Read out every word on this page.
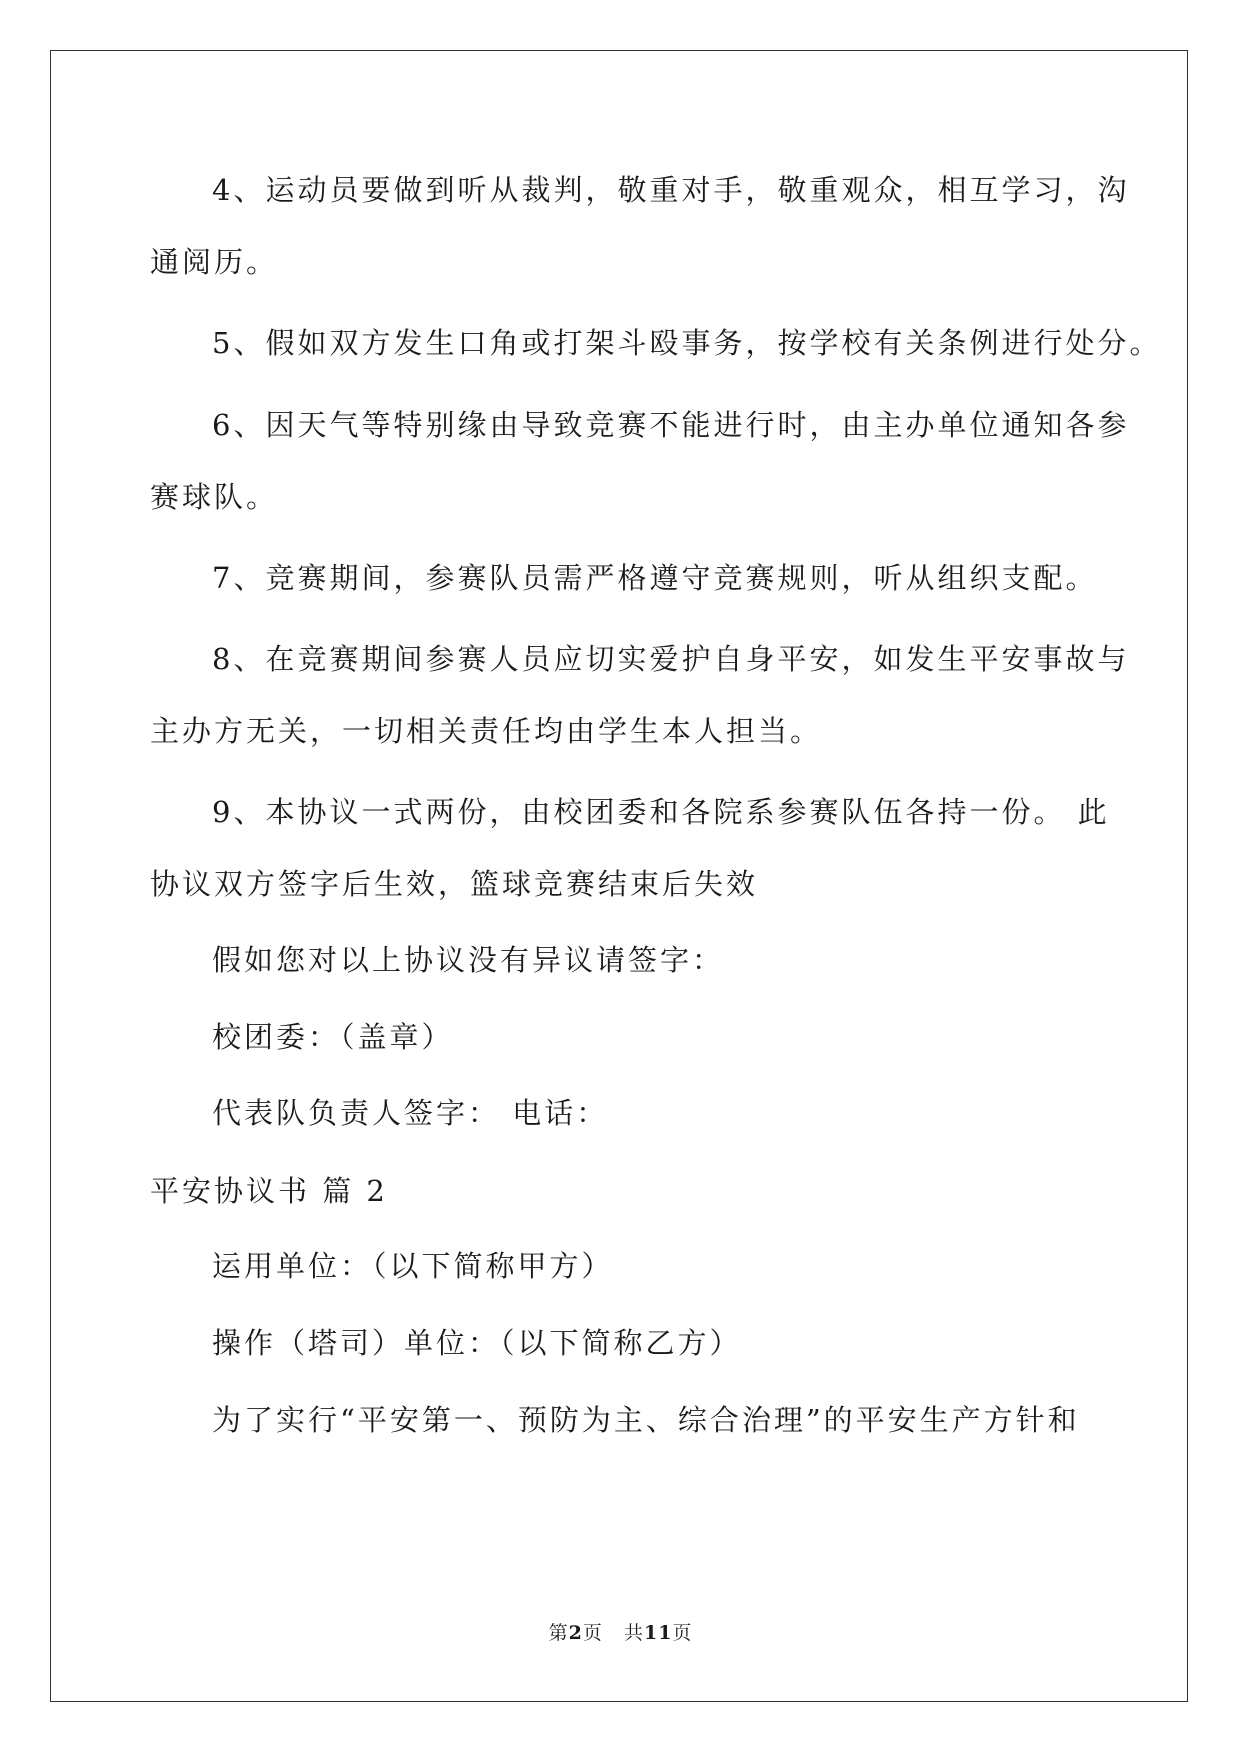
4、运动员要做到听从裁判，敬重对手，敬重观众，相互学习，沟
通阅历。
5、假如双方发生口角或打架斗殴事务，按学校有关条例进行处分。
6、因天气等特别缘由导致竞赛不能进行时，由主办单位通知各参
赛球队。
7、竞赛期间，参赛队员需严格遵守竞赛规则，听从组织支配。
8、在竞赛期间参赛人员应切实爱护自身平安，如发生平安事故与
主办方无关，一切相关责任均由学生本人担当。
9、本协议一式两份，由校团委和各院系参赛队伍各持一份。 此
协议双方签字后生效，篮球竞赛结束后失效
假如您对以上协议没有异议请签字：
校团委：（盖章）
代表队负责人签字： 电话：
平安协议书 篇 2
运用单位：（以下简称甲方）
操作（塔司）单位：（以下简称乙方）
为了实行“平安第一、预防为主、综合治理”的平安生产方针和
第2页 共11页
